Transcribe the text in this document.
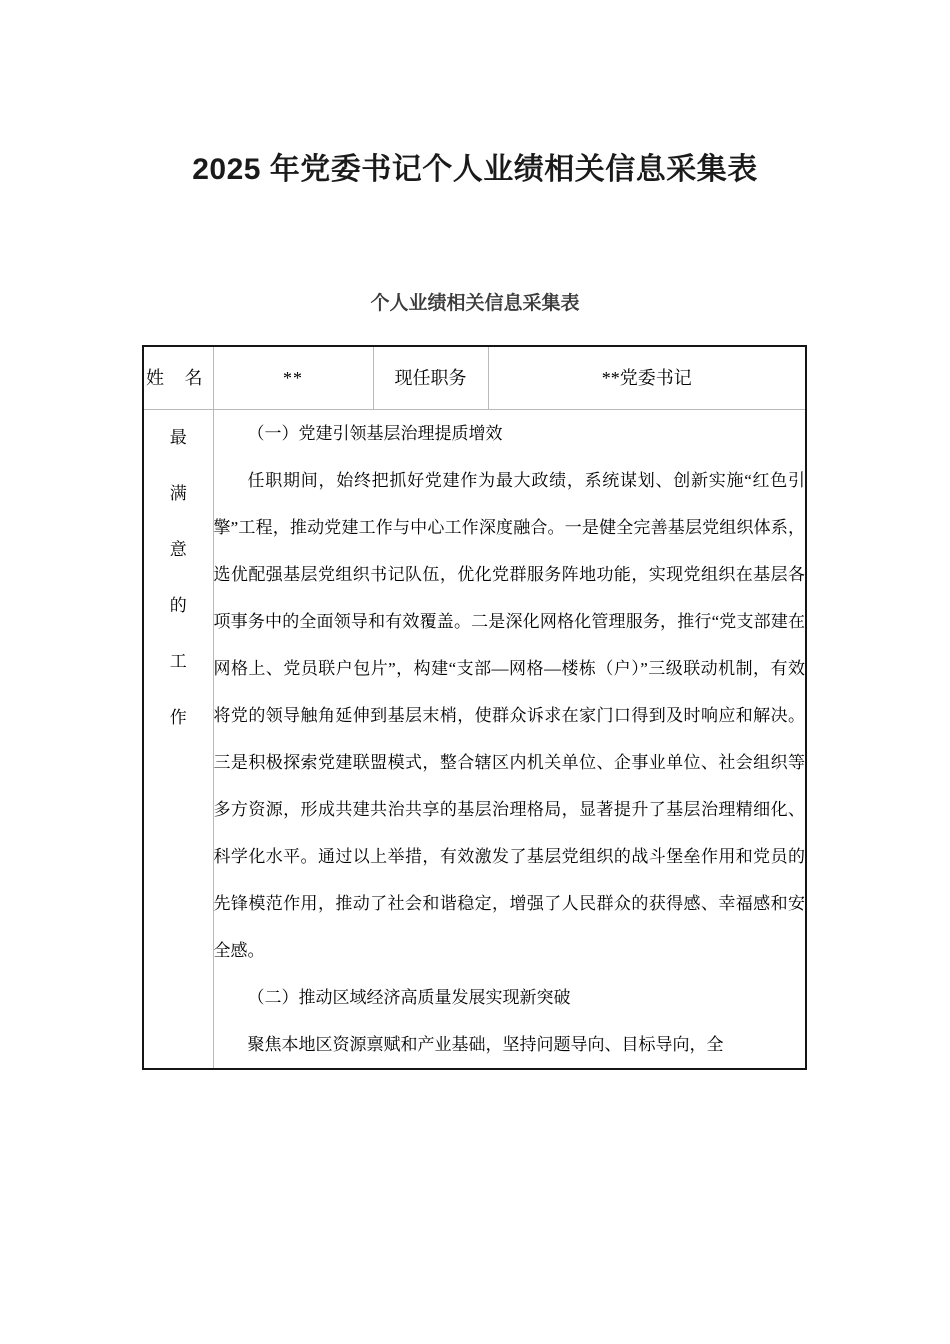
2025 年党委书记个人业绩相关信息采集表
个人业绩相关信息采集表
姓 名	**	现任职务	**党委书记

最
满
意
的
工
作

（一）党建引领基层治理提质增效

任职期间，始终把抓好党建作为最大政绩，系统谋划、创新实施“红色引擎”工程，推动党建工作与中心工作深度融合。一是健全完善基层党组织体系，选优配强基层党组织书记队伍，优化党群服务阵地功能，实现党组织在基层各项事务中的全面领导和有效覆盖。二是深化网格化管理服务，推行“党支部建在网格上、党员联户包片”，构建“支部—网格—楼栋（户）”三级联动机制，有效将党的领导触角延伸到基层末梢，使群众诉求在家门口得到及时响应和解决。三是积极探索党建联盟模式，整合辖区内机关单位、企事业单位、社会组织等多方资源，形成共建共治共享的基层治理格局，显著提升了基层治理精细化、科学化水平。通过以上举措，有效激发了基层党组织的战斗堡垒作用和党员的先锋模范作用，推动了社会和谐稳定，增强了人民群众的获得感、幸福感和安全感。

（二）推动区域经济高质量发展实现新突破

聚焦本地区资源禀赋和产业基础，坚持问题导向、目标导向，全
